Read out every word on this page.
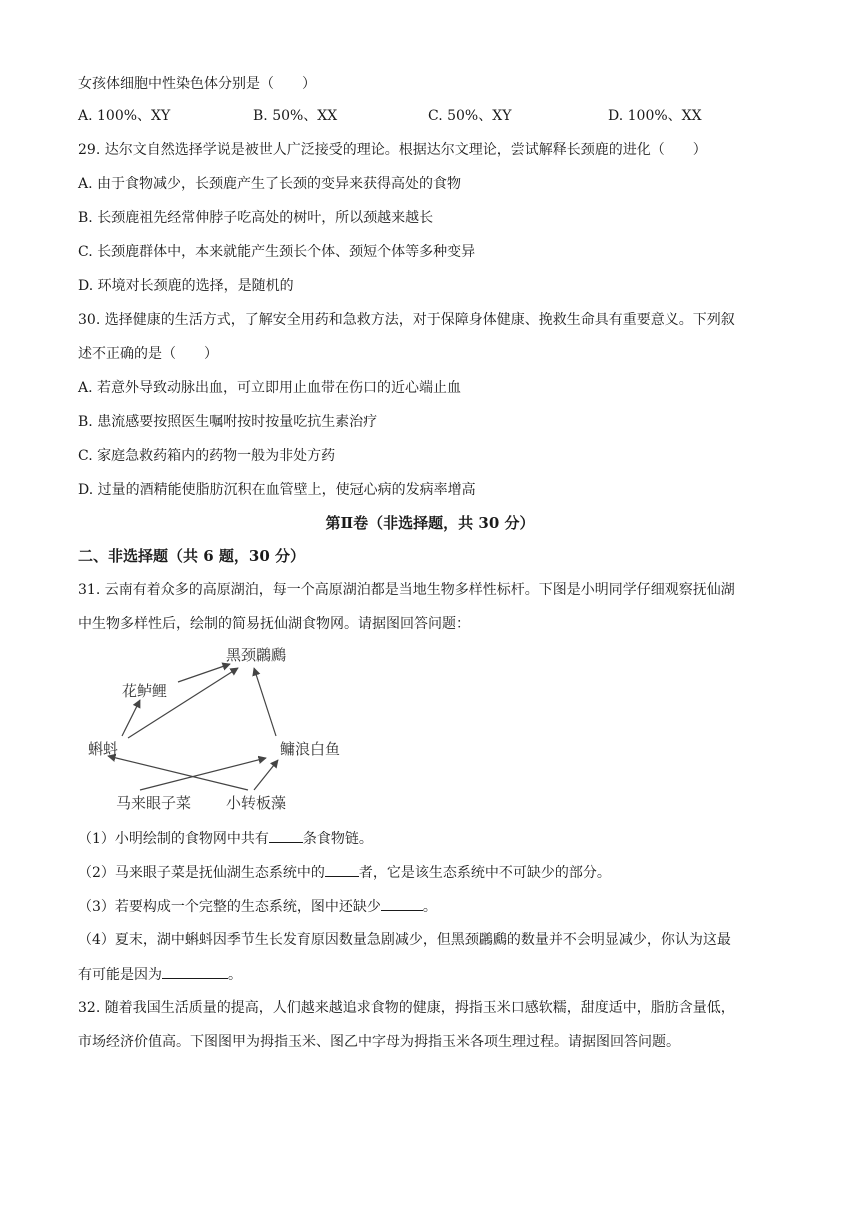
女孩体细胞中性染色体分别是（　　）
A. 100%、XY	B. 50%、XX	C. 50%、XY	D. 100%、XX
29. 达尔文自然选择学说是被世人广泛接受的理论。根据达尔文理论，尝试解释长颈鹿的进化（　　）
A. 由于食物减少，长颈鹿产生了长颈的变异来获得高处的食物
B. 长颈鹿祖先经常伸脖子吃高处的树叶，所以颈越来越长
C. 长颈鹿群体中，本来就能产生颈长个体、颈短个体等多种变异
D. 环境对长颈鹿的选择，是随机的
30. 选择健康的生活方式，了解安全用药和急救方法，对于保障身体健康、挽救生命具有重要意义。下列叙
述不正确的是（　　）
A. 若意外导致动脉出血，可立即用止血带在伤口的近心端止血
B. 患流感要按照医生嘱咐按时按量吃抗生素治疗
C. 家庭急救药箱内的药物一般为非处方药
D. 过量的酒精能使脂肪沉积在血管壁上，使冠心病的发病率增高
第Ⅱ卷（非选择题，共 30 分）
二、非选择题（共 6 题，30 分）
31. 云南有着众多的高原湖泊，每一个高原湖泊都是当地生物多样性标杆。下图是小明同学仔细观察抚仙湖
中生物多样性后，绘制的简易抚仙湖食物网。请据图回答问题：
黑颈鸊鷉
花鲈鲤
蝌蚪	鳙浪白鱼
马来眼子菜 小转板藻
（1）小明绘制的食物网中共有 条食物链。
（2）马来眼子菜是抚仙湖生态系统中的 者，它是该生态系统中不可缺少的部分。
（3）若要构成一个完整的生态系统，图中还缺少	。
（4）夏末，湖中蝌蚪因季节生长发育原因数量急剧减少，但黑颈鸊鷉的数量并不会明显减少，你认为这最
有可能是因为	。
32. 随着我国生活质量的提高，人们越来越追求食物的健康，拇指玉米口感软糯，甜度适中，脂肪含量低，
市场经济价值高。下图图甲为拇指玉米、图乙中字母为拇指玉米各项生理过程。请据图回答问题。
